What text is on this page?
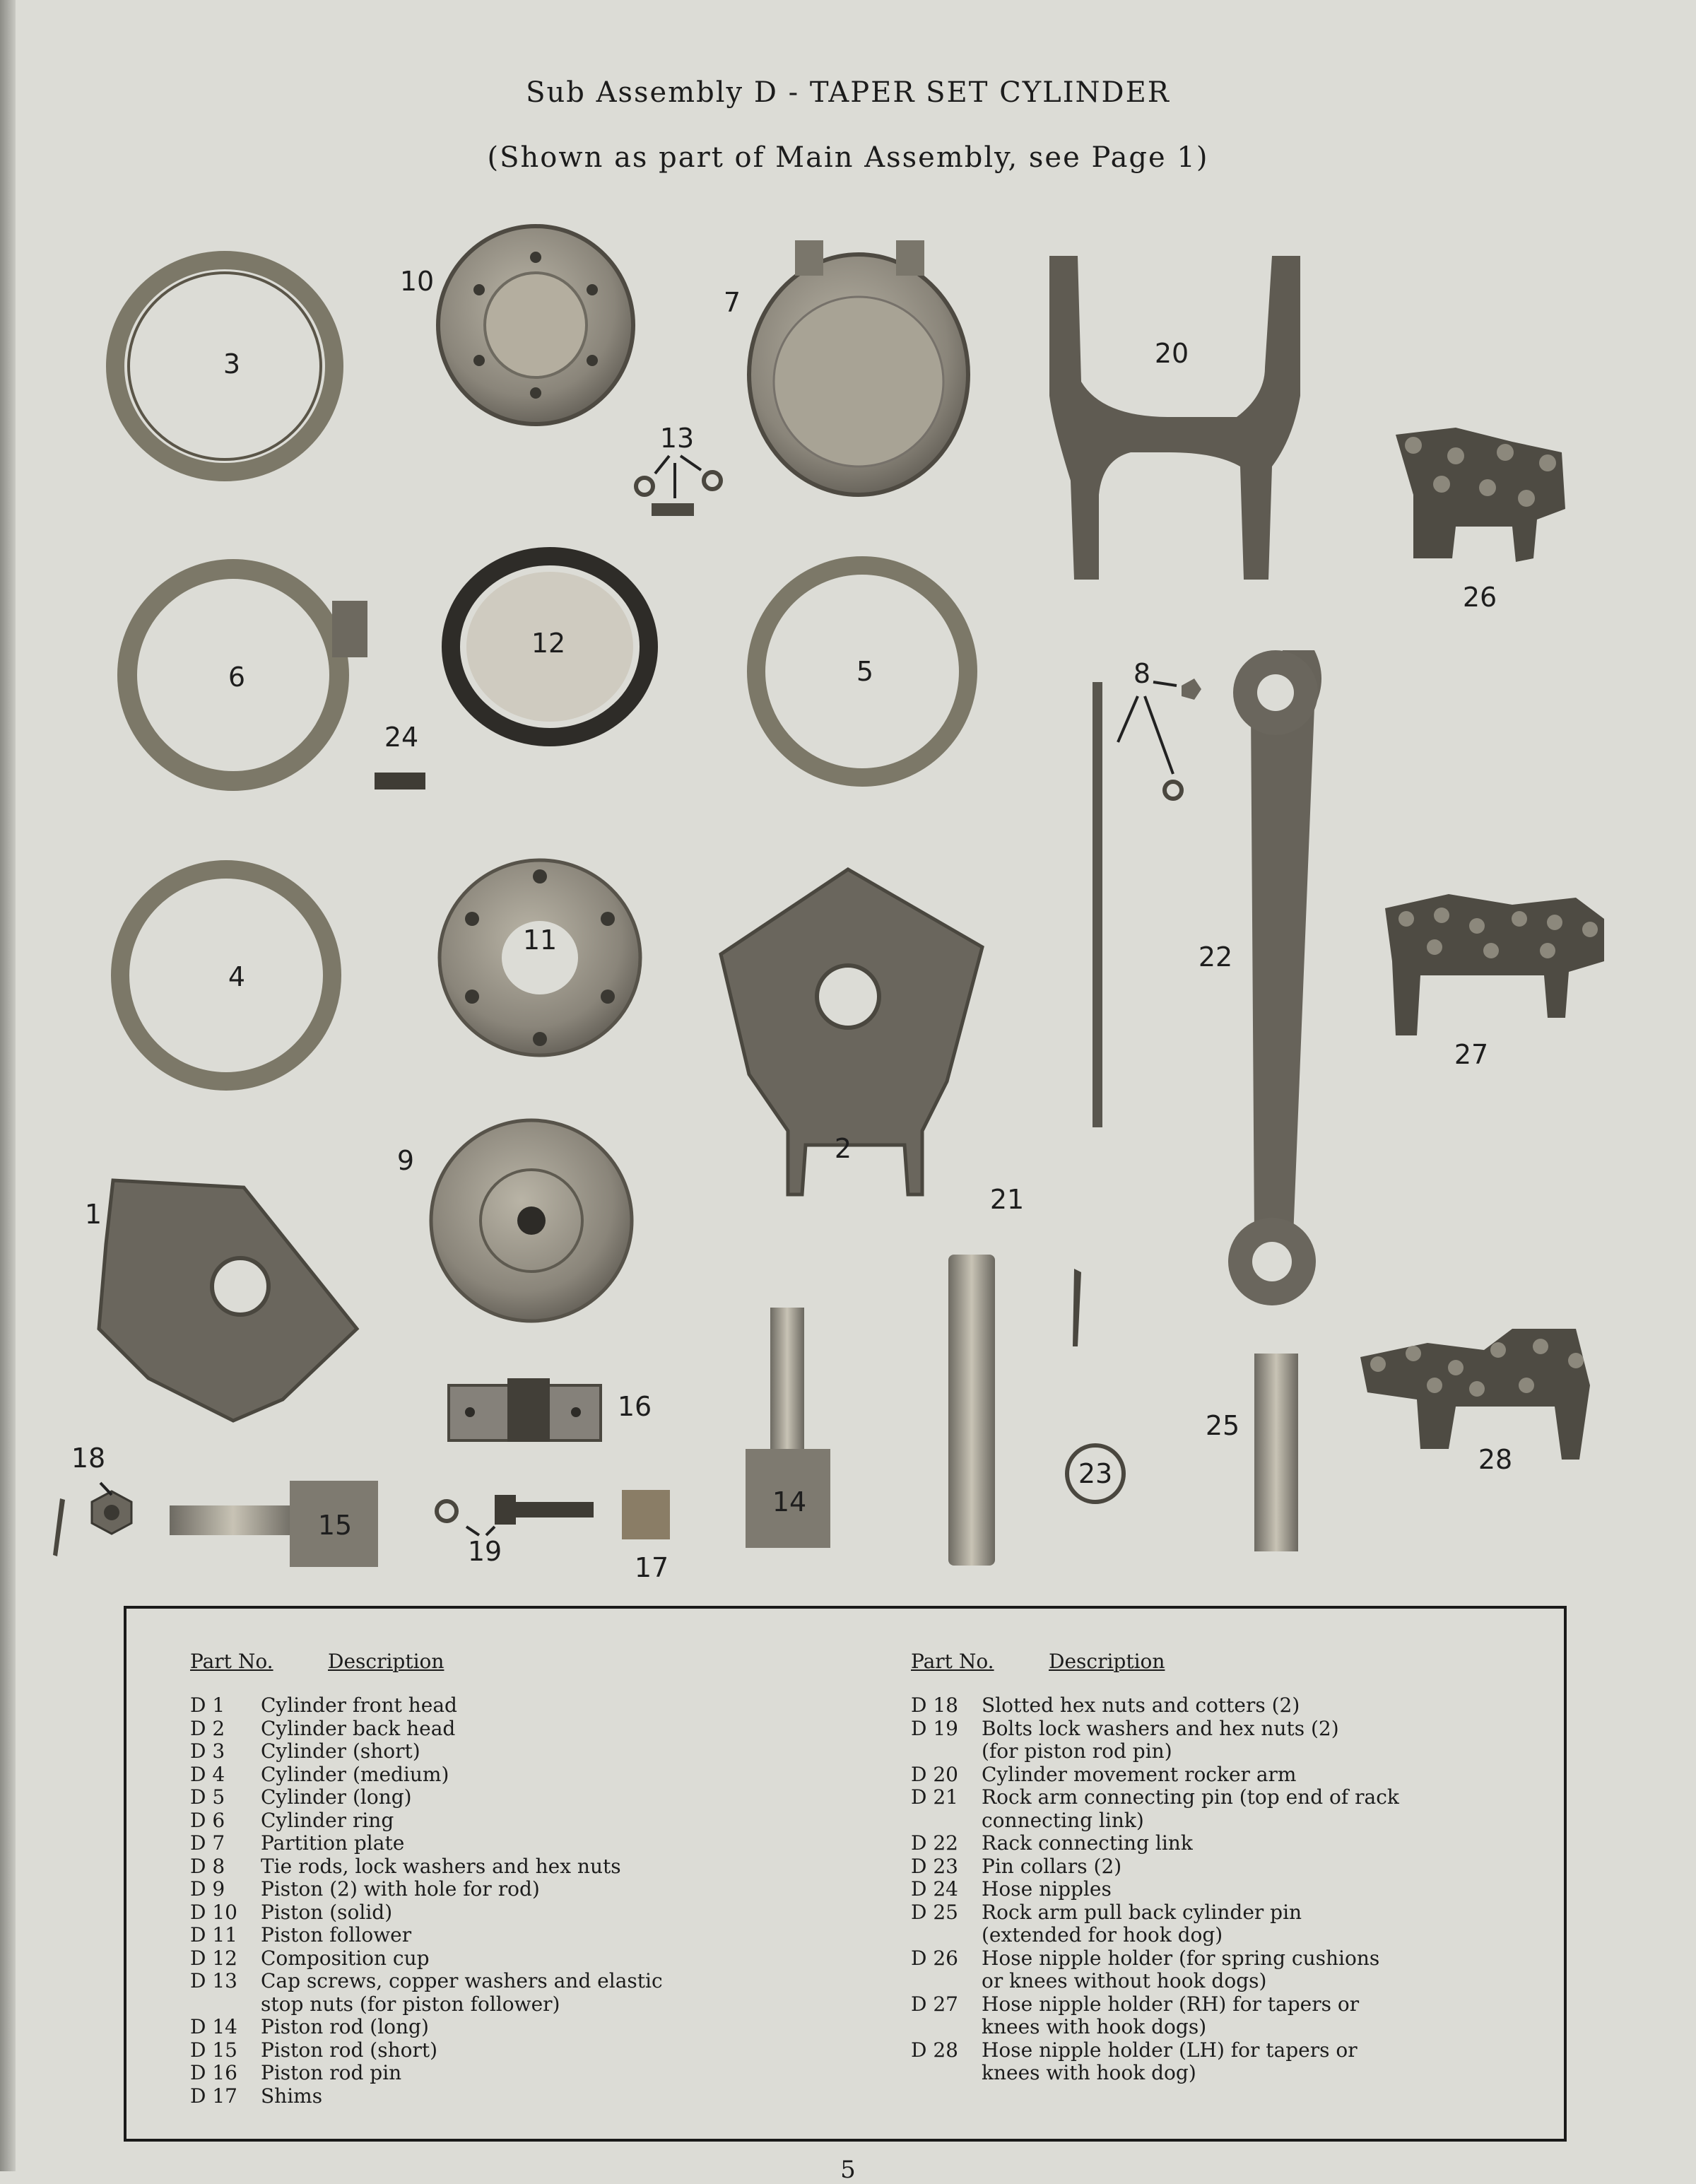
Sub Assembly D - TAPER SET CYLINDER
(Shown as part of Main Assembly, see Page 1)
3
10
7
20
13
26
6
12
5	8
24
22
4
11
27
2
9
1	21
16
25
18	23	28
15
14
19
17
Part No.	Description
D 1	Cylinder front head
D 2	Cylinder back head
D 3	Cylinder (short)
D 4	Cylinder (medium)
D 5	Cylinder (long)
D 6	Cylinder ring
D 7	Partition plate
D 8	Tie rods, lock washers and hex nuts
D 9	Piston (2) with hole for rod)
D 10	Piston (solid)
D 11	Piston follower
D 12	Composition cup
D 13	Cap screws, copper washers and elastic
stop nuts (for piston follower)
D 14	Piston rod (long)
D 15	Piston rod (short)
D 16	Piston rod pin
D 17	Shims
Part No.	Description
D 18	Slotted hex nuts and cotters (2)
D 19	Bolts lock washers and hex nuts (2)
(for piston rod pin)
D 20	Cylinder movement rocker arm
D 21	Rock arm connecting pin (top end of rack
connecting link)
D 22	Rack connecting link
D 23	Pin collars (2)
D 24	Hose nipples
D 25	Rock arm pull back cylinder pin
(extended for hook dog)
D 26	Hose nipple holder (for spring cushions
or knees without hook dogs)
D 27	Hose nipple holder (RH) for tapers or
knees with hook dogs)
D 28	Hose nipple holder (LH) for tapers or
knees with hook dog)
5
